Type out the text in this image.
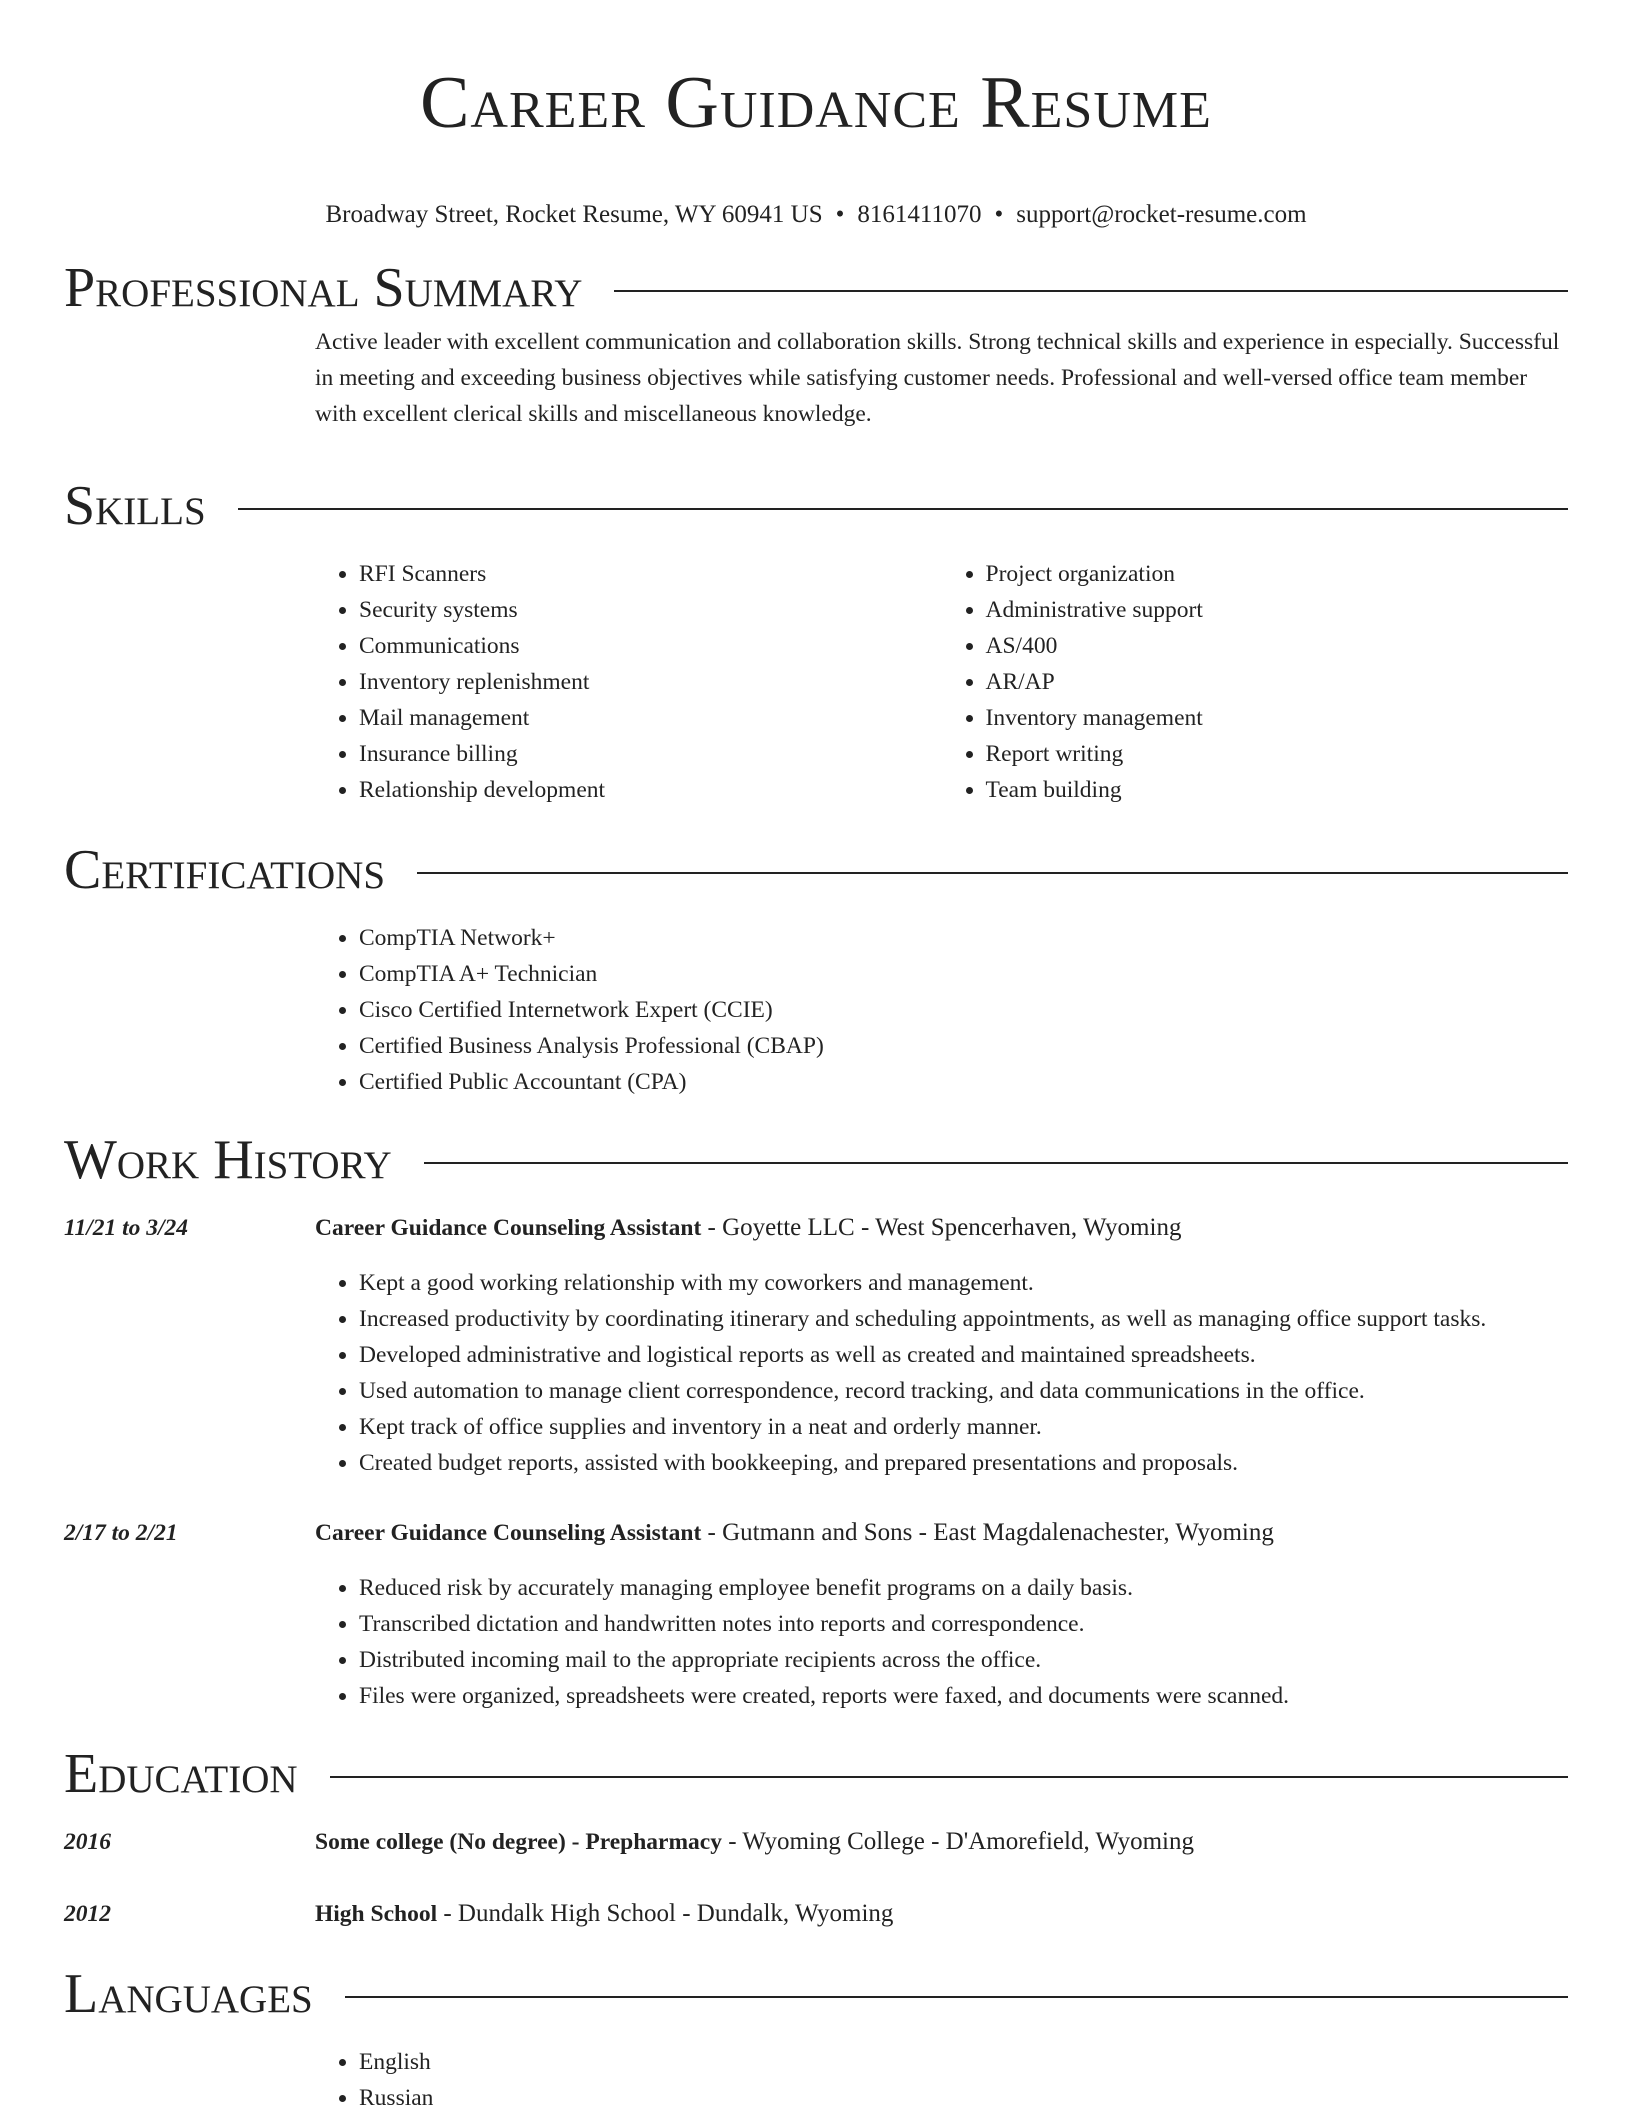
Career Guidance Resume
Broadway Street, Rocket Resume, WY 60941 US • 8161411070 • support@rocket-resume.com
Professional Summary

Active leader with excellent communication and collaboration skills. Strong technical skills and experience in especially. Successful in meeting and exceeding business objectives while satisfying customer needs. Professional and well-versed office team member with excellent clerical skills and miscellaneous knowledge.

Skills
• RFI Scanners
• Security systems
• Communications
• Inventory replenishment
• Mail management
• Insurance billing
• Relationship development
• Project organization
• Administrative support
• AS/400
• AR/AP
• Inventory management
• Report writing
• Team building
Certifications
• CompTIA Network+
• CompTIA A+ Technician
• Cisco Certified Internetwork Expert (CCIE)
• Certified Business Analysis Professional (CBAP)
• Certified Public Accountant (CPA)
Work History
11/21 to 3/24	Career Guidance Counseling Assistant - Goyette LLC - West Spencerhaven, Wyoming
• Kept a good working relationship with my coworkers and management.
• Increased productivity by coordinating itinerary and scheduling appointments, as well as managing office support tasks.
• Developed administrative and logistical reports as well as created and maintained spreadsheets.
• Used automation to manage client correspondence, record tracking, and data communications in the office.
• Kept track of office supplies and inventory in a neat and orderly manner.
• Created budget reports, assisted with bookkeeping, and prepared presentations and proposals.
2/17 to 2/21	Career Guidance Counseling Assistant - Gutmann and Sons - East Magdalenachester, Wyoming
• Reduced risk by accurately managing employee benefit programs on a daily basis.
• Transcribed dictation and handwritten notes into reports and correspondence.
• Distributed incoming mail to the appropriate recipients across the office.
• Files were organized, spreadsheets were created, reports were faxed, and documents were scanned.
Education
2016	Some college (No degree) - Prepharmacy - Wyoming College - D'Amorefield, Wyoming
2012	High School - Dundalk High School - Dundalk, Wyoming
Languages
• English
• Russian
